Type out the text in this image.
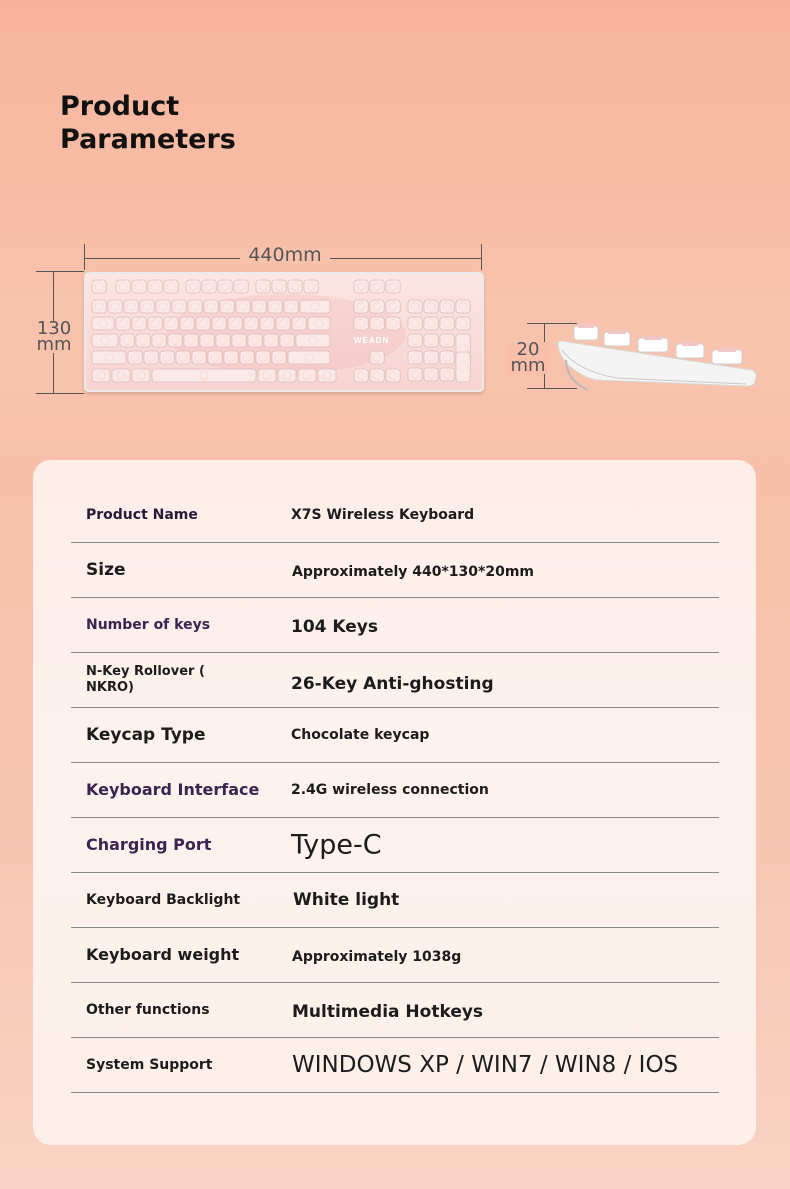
Product
Parameters
440mm
130
mm	WEADN	20
mm
Product Name	X7S Wireless Keyboard
Size	Approximately 440*130*20mm
Number of keys	104 Keys
N-Key Rollover ( NKRO)	26-Key Anti-ghosting
Keycap Type	Chocolate keycap
Keyboard Interface	2.4G wireless connection
Charging Port	Type-C
Keyboard Backlight	White light
Keyboard weight	Approximately 1038g
Other functions	Multimedia Hotkeys
System Support	WINDOWS XP / WIN7 / WIN8 / IOS
